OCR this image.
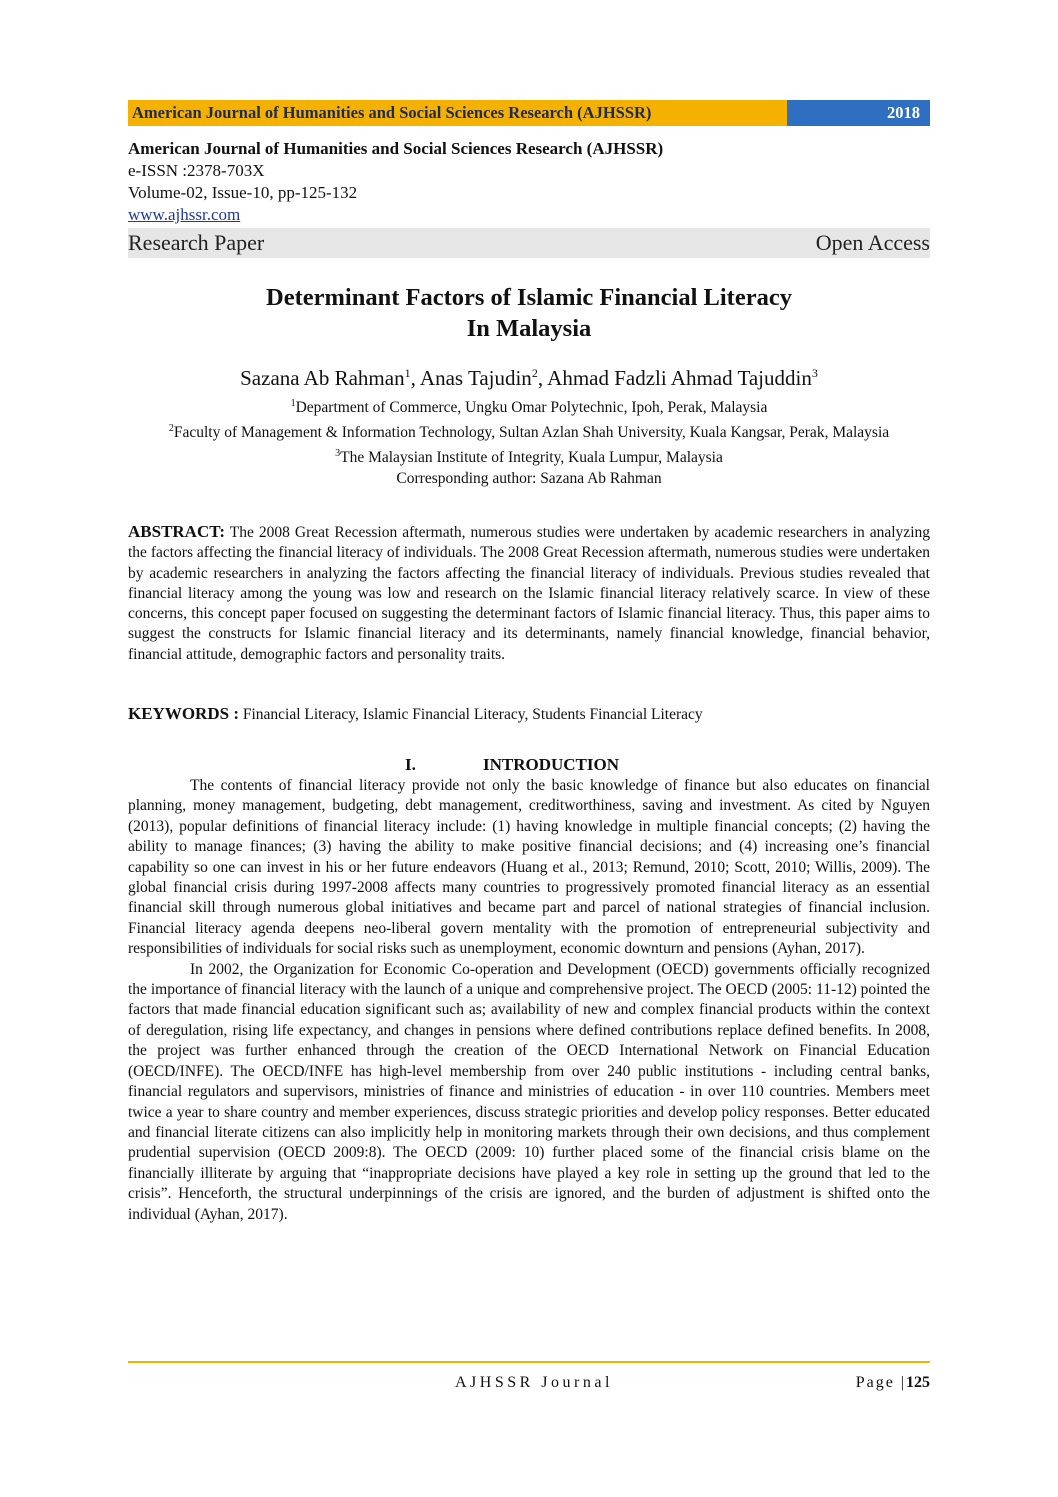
American Journal of Humanities and Social Sciences Research (AJHSSR)	2018
American Journal of Humanities and Social Sciences Research (AJHSSR)
e-ISSN :2378-703X
Volume-02, Issue-10, pp-125-132
www.ajhssr.com
Research Paper	Open Access
Determinant Factors of Islamic Financial Literacy
In Malaysia
Sazana Ab Rahman$^1$, Anas Tajudin$^2$, Ahmad Fadzli Ahmad Tajuddin$^3$
$^1$Department of Commerce, Ungku Omar Polytechnic, Ipoh, Perak, Malaysia
$^2$Faculty of Management & Information Technology, Sultan Azlan Shah University, Kuala Kangsar, Perak, Malaysia
$^3$The Malaysian Institute of Integrity, Kuala Lumpur, Malaysia
Corresponding author: Sazana Ab Rahman
ABSTRACT: The 2008 Great Recession aftermath, numerous studies were undertaken by academic researchers in analyzing the factors affecting the financial literacy of individuals. The 2008 Great Recession aftermath, numerous studies were undertaken by academic researchers in analyzing the factors affecting the financial literacy of individuals. Previous studies revealed that financial literacy among the young was low and research on the Islamic financial literacy relatively scarce. In view of these concerns, this concept paper focused on suggesting the determinant factors of Islamic financial literacy. Thus, this paper aims to suggest the constructs for Islamic financial literacy and its determinants, namely financial knowledge, financial behavior, financial attitude, demographic factors and personality traits.
KEYWORDS : Financial Literacy, Islamic Financial Literacy, Students Financial Literacy
I.	INTRODUCTION

The contents of financial literacy provide not only the basic knowledge of finance but also educates on financial planning, money management, budgeting, debt management, creditworthiness, saving and investment. As cited by Nguyen (2013), popular definitions of financial literacy include: (1) having knowledge in multiple financial concepts; (2) having the ability to manage finances; (3) having the ability to make positive financial decisions; and (4) increasing one’s financial capability so one can invest in his or her future endeavors (Huang et al., 2013; Remund, 2010; Scott, 2010; Willis, 2009). The global financial crisis during 1997-2008 affects many countries to progressively promoted financial literacy as an essential financial skill through numerous global initiatives and became part and parcel of national strategies of financial inclusion. Financial literacy agenda deepens neo-liberal govern mentality with the promotion of entrepreneurial subjectivity and responsibilities of individuals for social risks such as unemployment, economic downturn and pensions (Ayhan, 2017).

In 2002, the Organization for Economic Co-operation and Development (OECD) governments officially recognized the importance of financial literacy with the launch of a unique and comprehensive project. The OECD (2005: 11-12) pointed the factors that made financial education significant such as; availability of new and complex financial products within the context of deregulation, rising life expectancy, and changes in pensions where defined contributions replace defined benefits. In 2008, the project was further enhanced through the creation of the OECD International Network on Financial Education (OECD/INFE). The OECD/INFE has high-level membership from over 240 public institutions - including central banks, financial regulators and supervisors, ministries of finance and ministries of education - in over 110 countries. Members meet twice a year to share country and member experiences, discuss strategic priorities and develop policy responses. Better educated and financial literate citizens can also implicitly help in monitoring markets through their own decisions, and thus complement prudential supervision (OECD 2009:8). The OECD (2009: 10) further placed some of the financial crisis blame on the financially illiterate by arguing that “inappropriate decisions have played a key role in setting up the ground that led to the crisis”. Henceforth, the structural underpinnings of the crisis are ignored, and the burden of adjustment is shifted onto the individual (Ayhan, 2017).

AJHSSR Journal	Page |125
